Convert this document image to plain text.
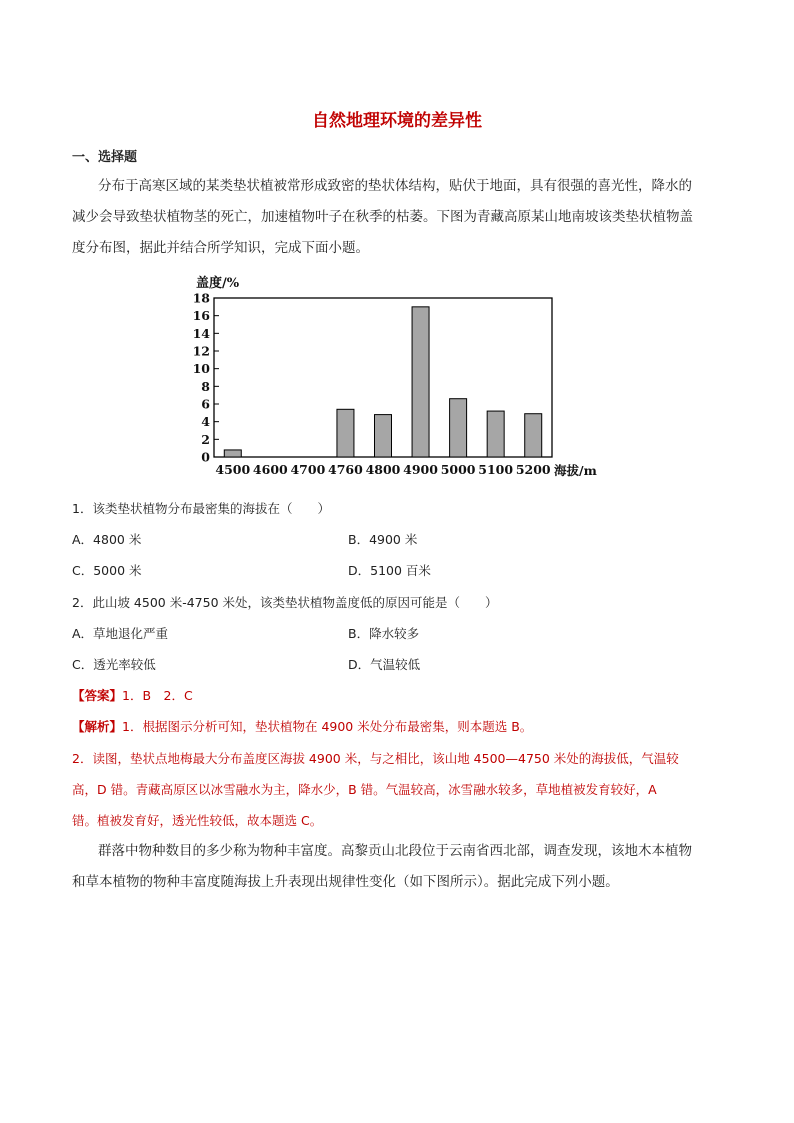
自然地理环境的差异性
一、选择题
分布于高寒区域的某类垫状植被常形成致密的垫状体结构，贴伏于地面，具有很强的喜光性，降水的
减少会导致垫状植物茎的死亡，加速植物叶子在秋季的枯萎。下图为青藏高原某山地南坡该类垫状植物盖
度分布图，据此并结合所学知识，完成下面小题。
盖度/%
0
2
4
6
8
10
12
14
16
18
4500 4600 4700 4760 4800 4900 5000 5100 5200 海拔/m
1．该类垫状植物分布最密集的海拔在（　　）
A．4800 米	B．4900 米
C．5000 米	D．5100 百米
2．此山坡 4500 米-4750 米处，该类垫状植物盖度低的原因可能是（　　）
A．草地退化严重	B．降水较多
C．透光率较低	D．气温较低
【答案】1．B　2．C
【解析】1．根据图示分析可知，垫状植物在 4900 米处分布最密集，则本题选 B。
2．读图，垫状点地梅最大分布盖度区海拔 4900 米，与之相比，该山地 4500—4750 米处的海拔低，气温较
高，D 错。青藏高原区以冰雪融水为主，降水少，B 错。气温较高，冰雪融水较多，草地植被发育较好，A
错。植被发育好，透光性较低，故本题选 C。
群落中物种数目的多少称为物种丰富度。高黎贡山北段位于云南省西北部，调查发现，该地木本植物
和草本植物的物种丰富度随海拔上升表现出规律性变化（如下图所示）。据此完成下列小题。
